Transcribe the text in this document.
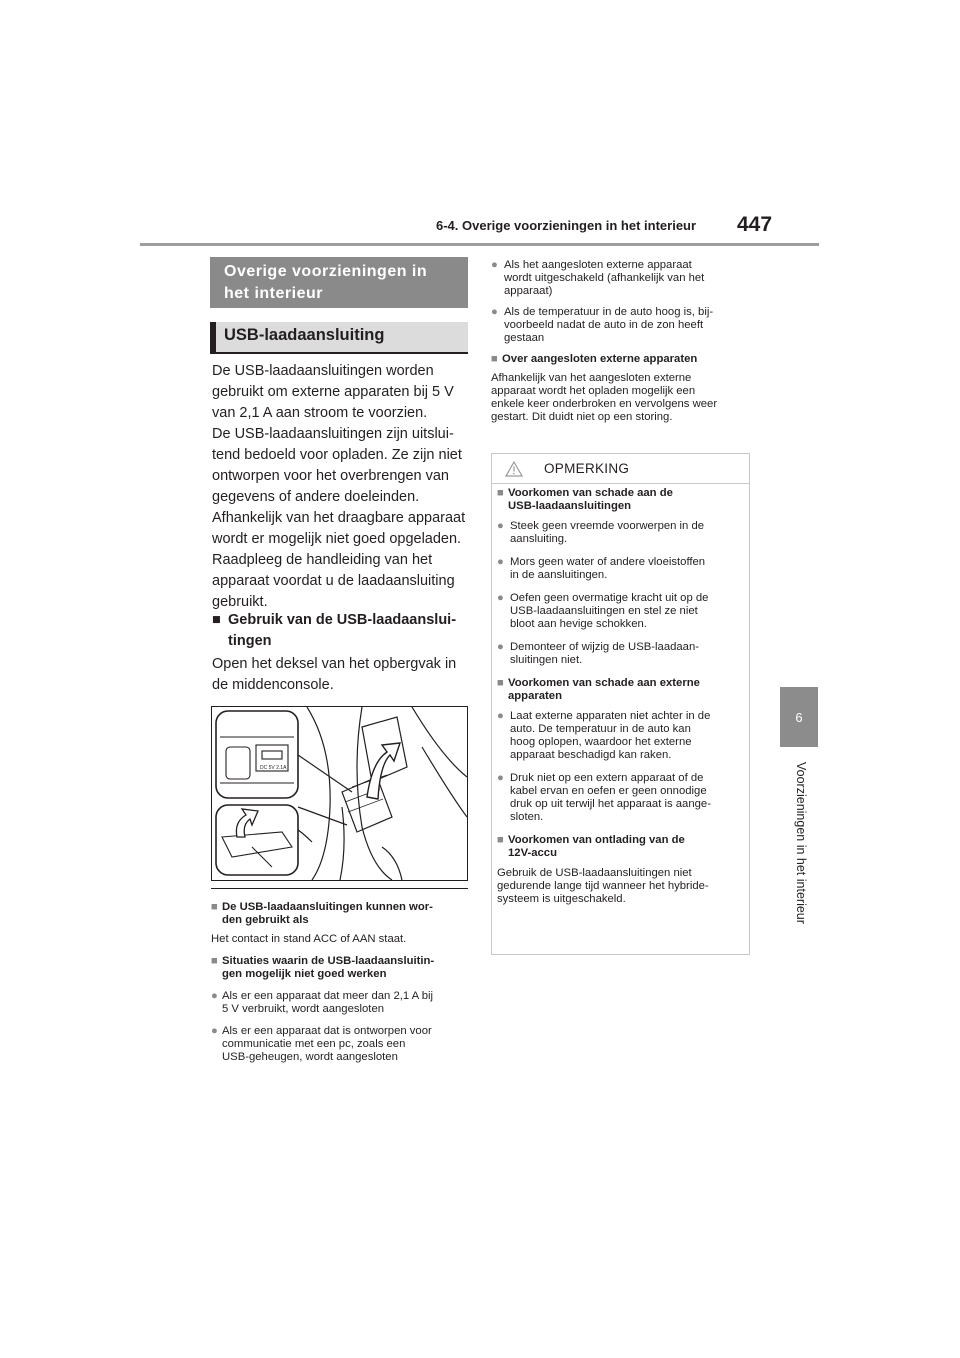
6-4. Overige voorzieningen in het interieur 447
6
Voorzieningen in het interieur
Overige voorzieningen in
het interieur
USB-laadaansluiting
De USB-laadaansluitingen worden
gebruikt om externe apparaten bij 5 V
van 2,1 A aan stroom te voorzien.
De USB-laadaansluitingen zijn uitslui-
tend bedoeld voor opladen. Ze zijn niet
ontworpen voor het overbrengen van
gegevens of andere doeleinden.
Afhankelijk van het draagbare apparaat
wordt er mogelijk niet goed opgeladen.
Raadpleeg de handleiding van het
apparaat voordat u de laadaansluiting
gebruikt.
■ Gebruik van de USB-laadaanslui-
tingen
Open het deksel van het opbergvak in
de middenconsole.
DC 5V 2.1A
■ De USB-laadaansluitingen kunnen wor-
den gebruikt als
Het contact in stand ACC of AAN staat.
■ Situaties waarin de USB-laadaansluitin-
gen mogelijk niet goed werken
● Als er een apparaat dat meer dan 2,1 A bij
5 V verbruikt, wordt aangesloten
● Als er een apparaat dat is ontworpen voor
communicatie met een pc, zoals een
USB-geheugen, wordt aangesloten
● Als het aangesloten externe apparaat
wordt uitgeschakeld (afhankelijk van het
apparaat)
● Als de temperatuur in de auto hoog is, bij-
voorbeeld nadat de auto in de zon heeft
gestaan
■ Over aangesloten externe apparaten
Afhankelijk van het aangesloten externe
apparaat wordt het opladen mogelijk een
enkele keer onderbroken en vervolgens weer
gestart. Dit duidt niet op een storing.
OPMERKING
■ Voorkomen van schade aan de
USB-laadaansluitingen
● Steek geen vreemde voorwerpen in de
aansluiting.
● Mors geen water of andere vloeistoffen
in de aansluitingen.
● Oefen geen overmatige kracht uit op de
USB-laadaansluitingen en stel ze niet
bloot aan hevige schokken.
● Demonteer of wijzig de USB-laadaan-
sluitingen niet.
■ Voorkomen van schade aan externe
apparaten
● Laat externe apparaten niet achter in de
auto. De temperatuur in de auto kan
hoog oplopen, waardoor het externe
apparaat beschadigd kan raken.
● Druk niet op een extern apparaat of de
kabel ervan en oefen er geen onnodige
druk op uit terwijl het apparaat is aange-
sloten.
■ Voorkomen van ontlading van de
12V-accu
Gebruik de USB-laadaansluitingen niet
gedurende lange tijd wanneer het hybride-
systeem is uitgeschakeld.
